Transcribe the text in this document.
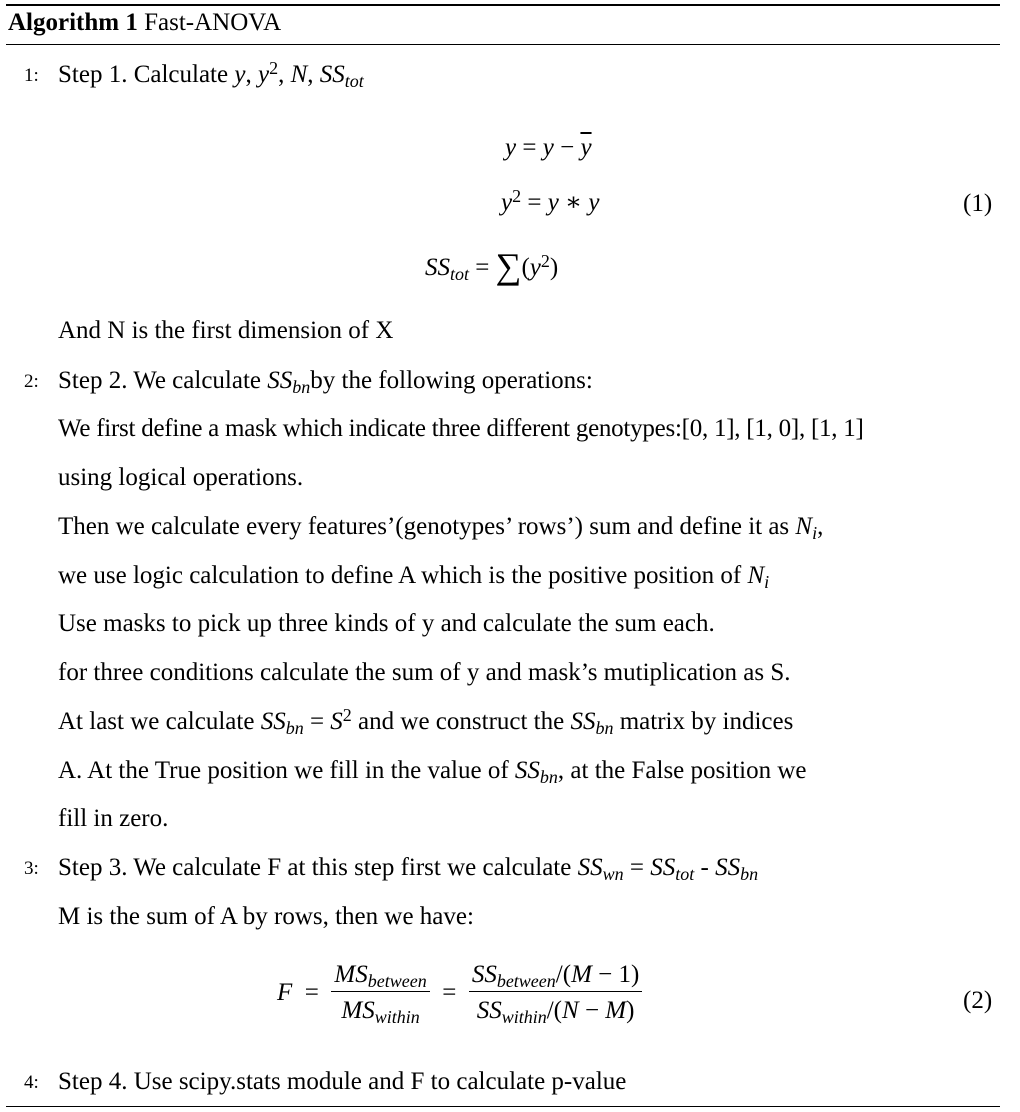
Algorithm 1 Fast-ANOVA
1: Step 1. Calculate y, $y^2$, N, $SS_{tot}$
$y = y - \overline{y}$
$y^2 = y$ ∗ y
$SS_{tot} = \sum(y^2)$
(1)
And N is the first dimension of X
2: Step 2. We calculate $SS_{bn}by$ the following operations:
We first define a mask which indicate three different genotypes:[0, 1], [1, 0], [1, 1]
using logical operations.
Then we calculate every features’(genotypes’ rows’) sum and define it as $N_i$,
we use logic calculation to define A which is the positive position of $N_i$
Use masks to pick up three kinds of y and calculate the sum each.
for three conditions calculate the sum of y and mask’s mutiplication as S.
At last we calculate $SS_{bn} = S^2$ and we construct the $SS_{bn}$ matrix by indices
A. At the True position we fill in the value of $SS_{bn}$, at the False position we
fill in zero.
3: Step 3. We calculate F at this step first we calculate $SS_{wn} = SS_{tot} - SS_{bn}$
M is the sum of A by rows, then we have:
$F = \frac{MS_{between}}{MS_{within}} = \frac{SS_{between}/(M - 1)}{SS_{within}/(N - M)}$	(2)
4: Step 4. Use scipy.stats module and F to calculate p-value
